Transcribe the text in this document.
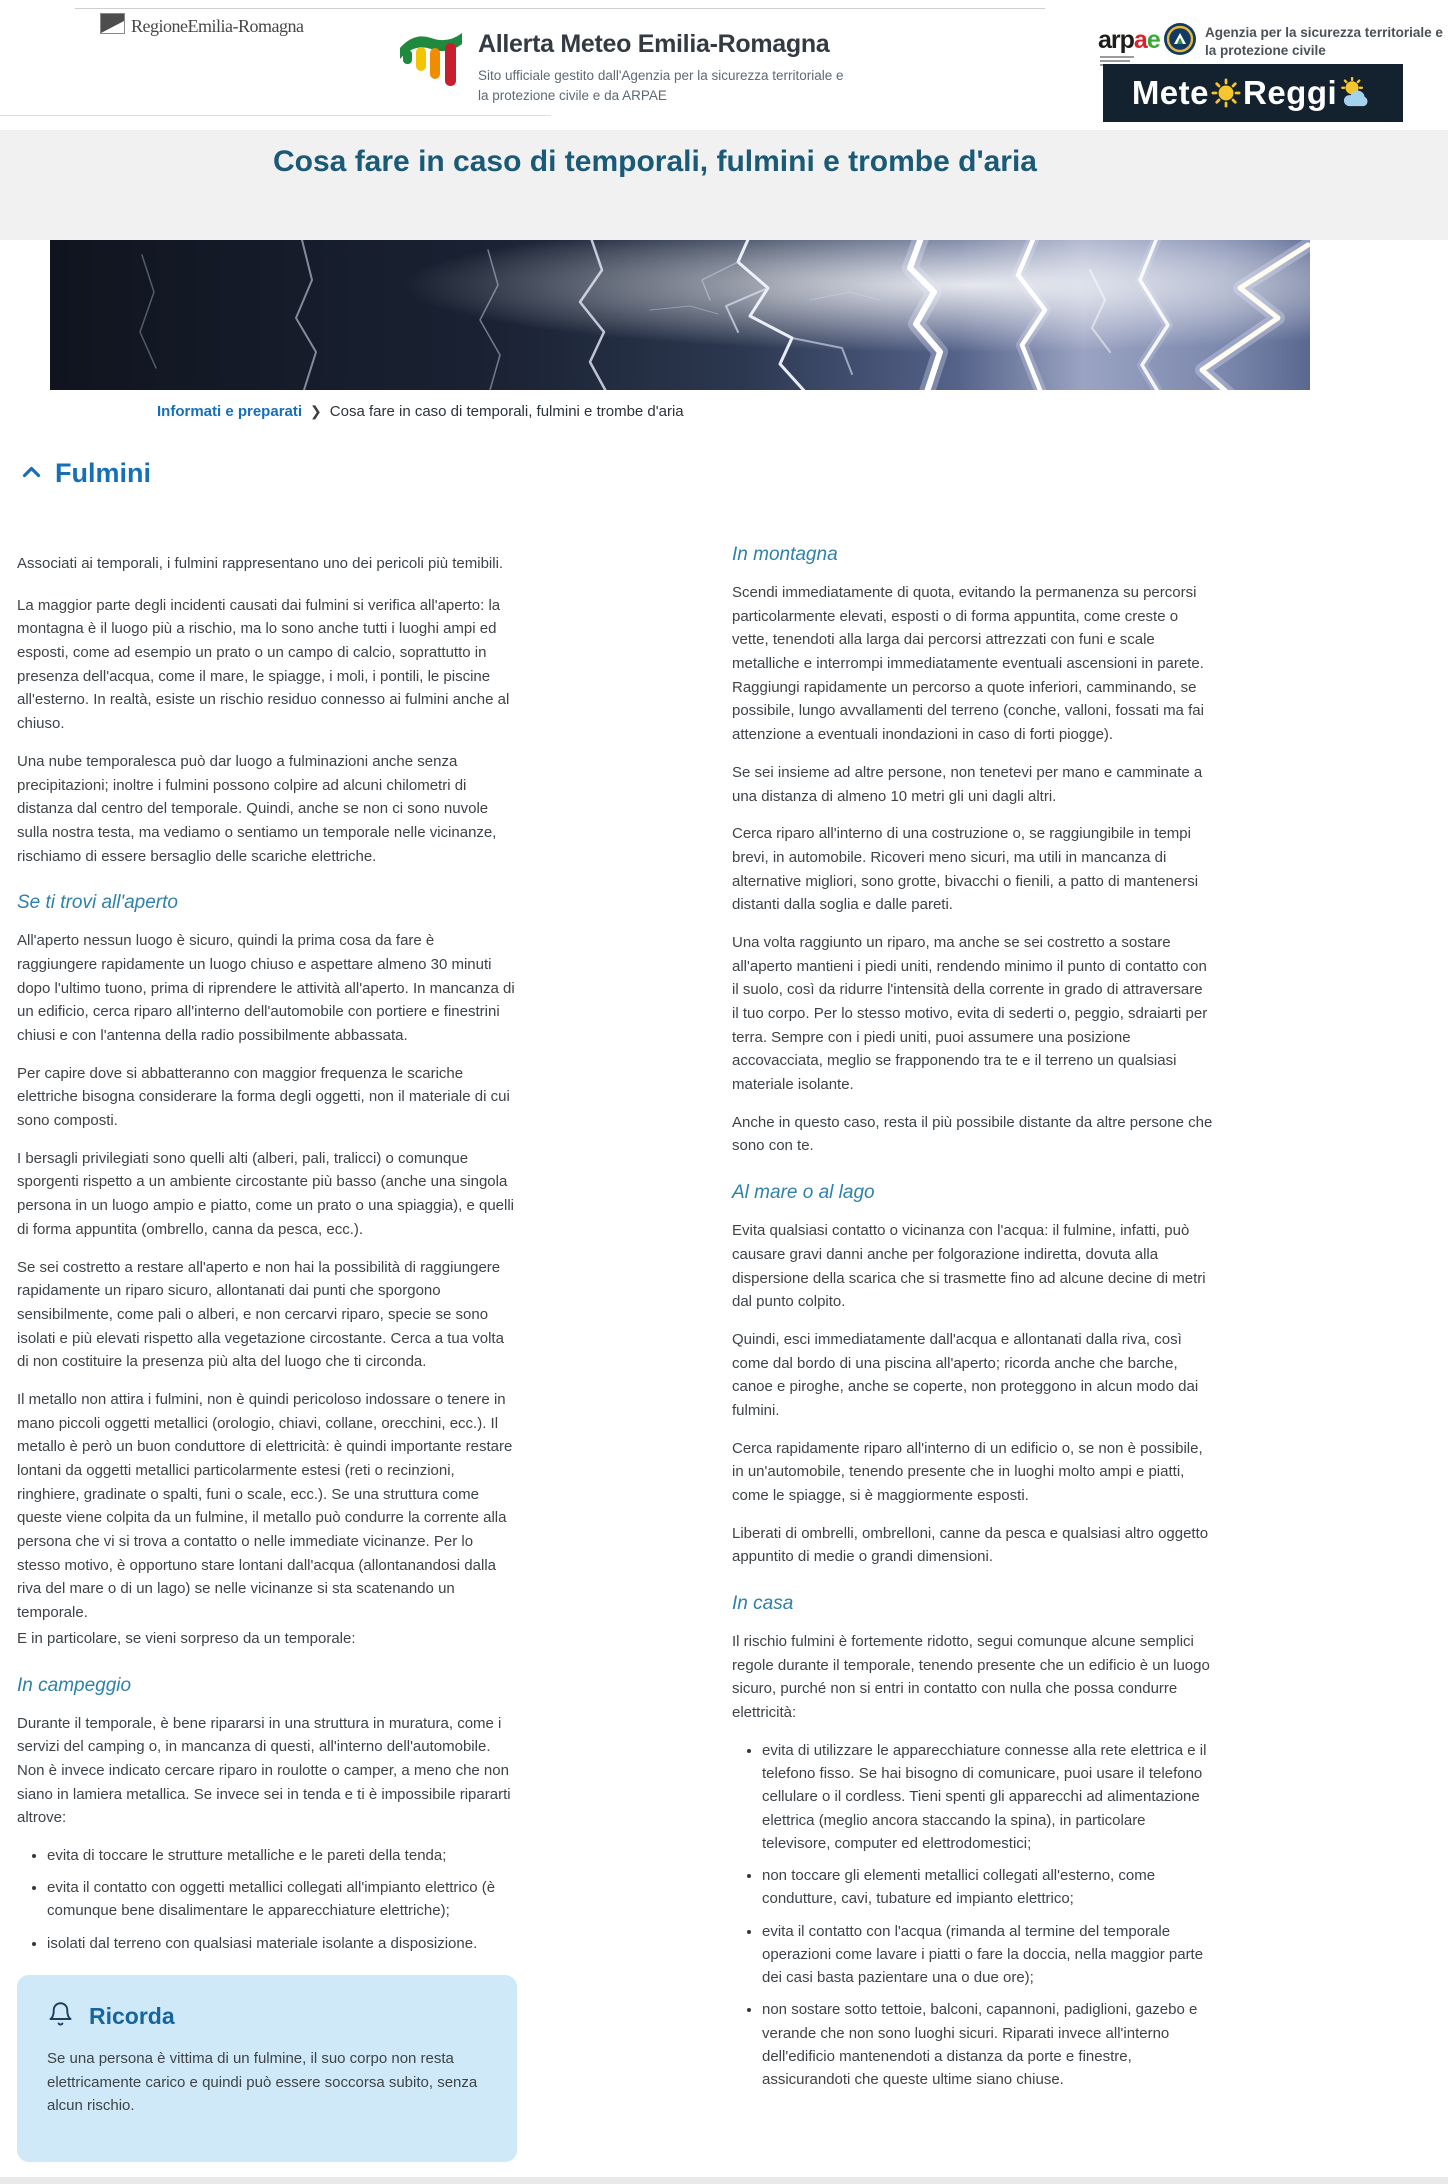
RegioneEmilia-Romagna
Allerta Meteo Emilia-Romagna
Sito ufficiale gestito dall'Agenzia per la sicurezza territoriale e la protezione civile e da ARPAE
arpae	Agenzia per la sicurezza territoriale e la protezione civile
Mete Reggi
Cosa fare in caso di temporali, fulmini e trombe d'aria
Informati e preparati ❯ Cosa fare in caso di temporali, fulmini e trombe d'aria
Fulmini

Associati ai temporali, i fulmini rappresentano uno dei pericoli più temibili.

La maggior parte degli incidenti causati dai fulmini si verifica all'aperto: la montagna è il luogo più a rischio, ma lo sono anche tutti i luoghi ampi ed esposti, come ad esempio un prato o un campo di calcio, soprattutto in presenza dell'acqua, come il mare, le spiagge, i moli, i pontili, le piscine all'esterno. In realtà, esiste un rischio residuo connesso ai fulmini anche al chiuso.

Una nube temporalesca può dar luogo a fulminazioni anche senza precipitazioni; inoltre i fulmini possono colpire ad alcuni chilometri di distanza dal centro del temporale. Quindi, anche se non ci sono nuvole sulla nostra testa, ma vediamo o sentiamo un temporale nelle vicinanze, rischiamo di essere bersaglio delle scariche elettriche.

Se ti trovi all'aperto

All'aperto nessun luogo è sicuro, quindi la prima cosa da fare è raggiungere rapidamente un luogo chiuso e aspettare almeno 30 minuti dopo l'ultimo tuono, prima di riprendere le attività all'aperto. In mancanza di un edificio, cerca riparo all'interno dell'automobile con portiere e finestrini chiusi e con l'antenna della radio possibilmente abbassata.

Per capire dove si abbatteranno con maggior frequenza le scariche elettriche bisogna considerare la forma degli oggetti, non il materiale di cui sono composti.

I bersagli privilegiati sono quelli alti (alberi, pali, tralicci) o comunque sporgenti rispetto a un ambiente circostante più basso (anche una singola persona in un luogo ampio e piatto, come un prato o una spiaggia), e quelli di forma appuntita (ombrello, canna da pesca, ecc.).

Se sei costretto a restare all'aperto e non hai la possibilità di raggiungere rapidamente un riparo sicuro, allontanati dai punti che sporgono sensibilmente, come pali o alberi, e non cercarvi riparo, specie se sono isolati e più elevati rispetto alla vegetazione circostante. Cerca a tua volta di non costituire la presenza più alta del luogo che ti circonda.

Il metallo non attira i fulmini, non è quindi pericoloso indossare o tenere in mano piccoli oggetti metallici (orologio, chiavi, collane, orecchini, ecc.). Il metallo è però un buon conduttore di elettricità: è quindi importante restare lontani da oggetti metallici particolarmente estesi (reti o recinzioni, ringhiere, gradinate o spalti, funi o scale, ecc.). Se una struttura come queste viene colpita da un fulmine, il metallo può condurre la corrente alla persona che vi si trova a contatto o nelle immediate vicinanze. Per lo stesso motivo, è opportuno stare lontani dall'acqua (allontanandosi dalla riva del mare o di un lago) se nelle vicinanze si sta scatenando un temporale.

E in particolare, se vieni sorpreso da un temporale:

In campeggio

Durante il temporale, è bene ripararsi in una struttura in muratura, come i servizi del camping o, in mancanza di questi, all'interno dell'automobile. Non è invece indicato cercare riparo in roulotte o camper, a meno che non siano in lamiera metallica. Se invece sei in tenda e ti è impossibile ripararti altrove:

• evita di toccare le strutture metalliche e le pareti della tenda;
• evita il contatto con oggetti metallici collegati all'impianto elettrico (è comunque bene disalimentare le apparecchiature elettriche);
• isolati dal terreno con qualsiasi materiale isolante a disposizione.
Ricorda

Se una persona è vittima di un fulmine, il suo corpo non resta elettricamente carico e quindi può essere soccorsa subito, senza alcun rischio.

In montagna

Scendi immediatamente di quota, evitando la permanenza su percorsi particolarmente elevati, esposti o di forma appuntita, come creste o vette, tenendoti alla larga dai percorsi attrezzati con funi e scale metalliche e interrompi immediatamente eventuali ascensioni in parete. Raggiungi rapidamente un percorso a quote inferiori, camminando, se possibile, lungo avvallamenti del terreno (conche, valloni, fossati ma fai attenzione a eventuali inondazioni in caso di forti piogge).

Se sei insieme ad altre persone, non tenetevi per mano e camminate a una distanza di almeno 10 metri gli uni dagli altri.

Cerca riparo all'interno di una costruzione o, se raggiungibile in tempi brevi, in automobile. Ricoveri meno sicuri, ma utili in mancanza di alternative migliori, sono grotte, bivacchi o fienili, a patto di mantenersi distanti dalla soglia e dalle pareti.

Una volta raggiunto un riparo, ma anche se sei costretto a sostare all'aperto mantieni i piedi uniti, rendendo minimo il punto di contatto con il suolo, così da ridurre l'intensità della corrente in grado di attraversare il tuo corpo. Per lo stesso motivo, evita di sederti o, peggio, sdraiarti per terra. Sempre con i piedi uniti, puoi assumere una posizione accovacciata, meglio se frapponendo tra te e il terreno un qualsiasi materiale isolante.

Anche in questo caso, resta il più possibile distante da altre persone che sono con te.

Al mare o al lago

Evita qualsiasi contatto o vicinanza con l'acqua: il fulmine, infatti, può causare gravi danni anche per folgorazione indiretta, dovuta alla dispersione della scarica che si trasmette fino ad alcune decine di metri dal punto colpito.

Quindi, esci immediatamente dall'acqua e allontanati dalla riva, così come dal bordo di una piscina all'aperto; ricorda anche che barche, canoe e piroghe, anche se coperte, non proteggono in alcun modo dai fulmini.

Cerca rapidamente riparo all'interno di un edificio o, se non è possibile, in un'automobile, tenendo presente che in luoghi molto ampi e piatti, come le spiagge, si è maggiormente esposti.

Liberati di ombrelli, ombrelloni, canne da pesca e qualsiasi altro oggetto appuntito di medie o grandi dimensioni.

In casa

Il rischio fulmini è fortemente ridotto, segui comunque alcune semplici regole durante il temporale, tenendo presente che un edificio è un luogo sicuro, purché non si entri in contatto con nulla che possa condurre elettricità:

• evita di utilizzare le apparecchiature connesse alla rete elettrica e il telefono fisso. Se hai bisogno di comunicare, puoi usare il telefono cellulare o il cordless. Tieni spenti gli apparecchi ad alimentazione elettrica (meglio ancora staccando la spina), in particolare televisore, computer ed elettrodomestici;
• non toccare gli elementi metallici collegati all'esterno, come condutture, cavi, tubature ed impianto elettrico;
• evita il contatto con l'acqua (rimanda al termine del temporale operazioni come lavare i piatti o fare la doccia, nella maggior parte dei casi basta pazientare una o due ore);
• non sostare sotto tettoie, balconi, capannoni, padiglioni, gazebo e verande che non sono luoghi sicuri. Riparati invece all'interno dell'edificio mantenendoti a distanza da porte e finestre, assicurandoti che queste ultime siano chiuse.
